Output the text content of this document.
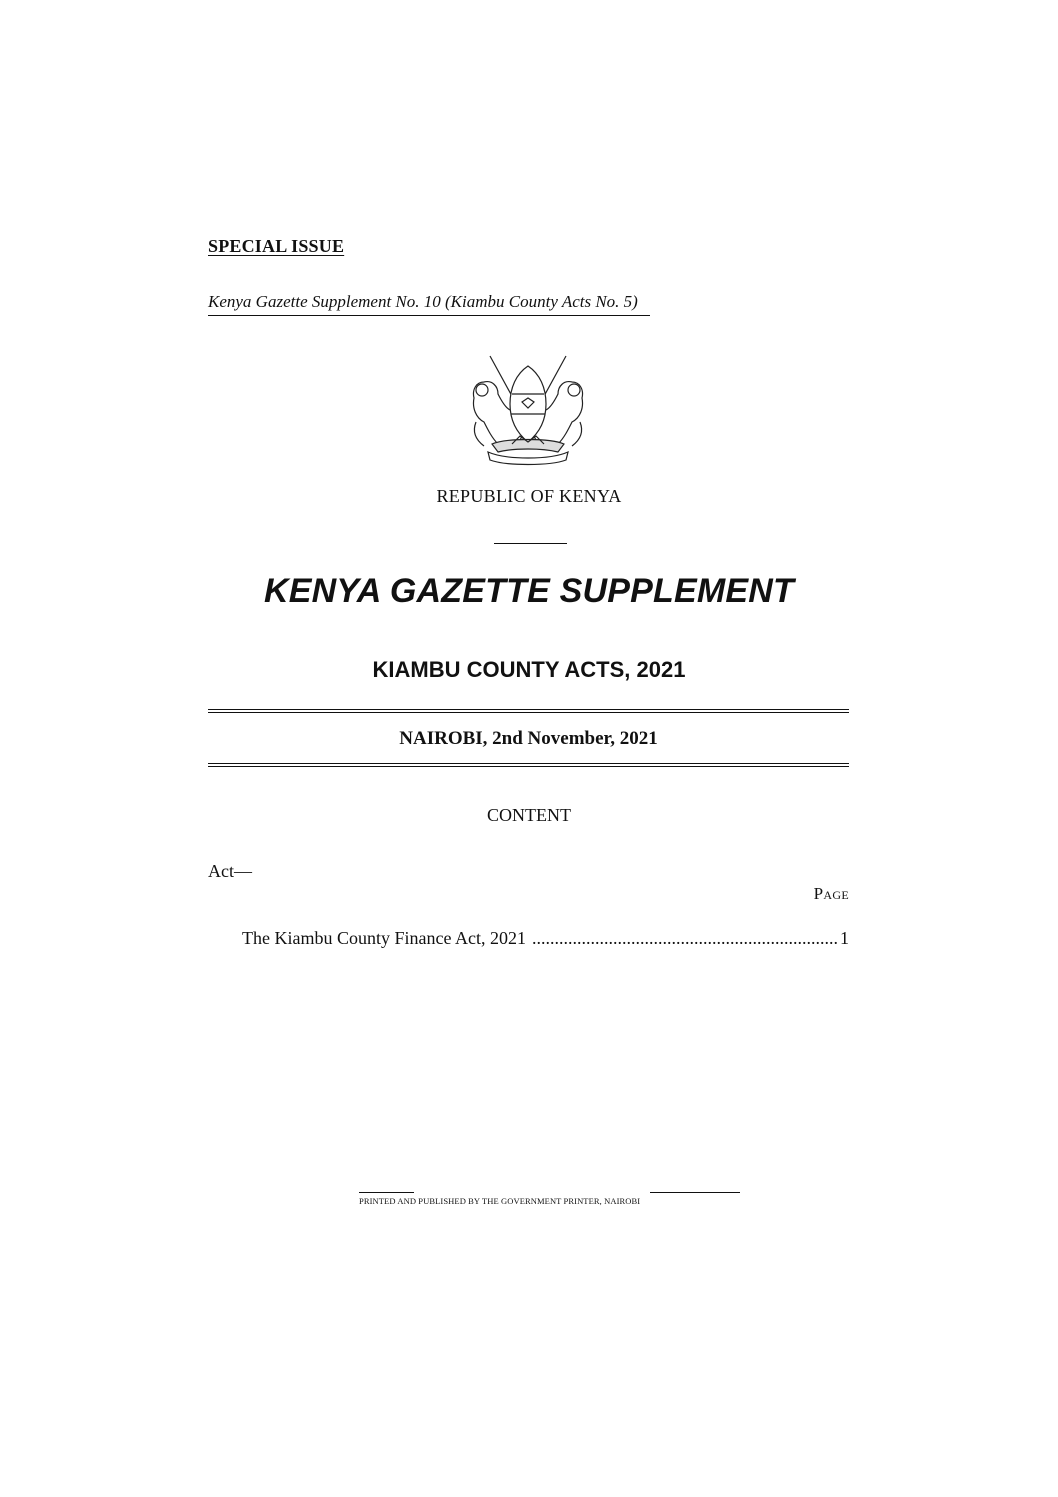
SPECIAL ISSUE
Kenya Gazette Supplement No. 10 (Kiambu County Acts No. 5)
REPUBLIC OF KENYA
KENYA GAZETTE SUPPLEMENT
KIAMBU COUNTY ACTS, 2021
NAIROBI, 2nd November, 2021
CONTENT
Act—
Page
The Kiambu County Finance Act, 2021
.....	1
PRINTED AND PUBLISHED BY THE GOVERNMENT PRINTER, NAIROBI
